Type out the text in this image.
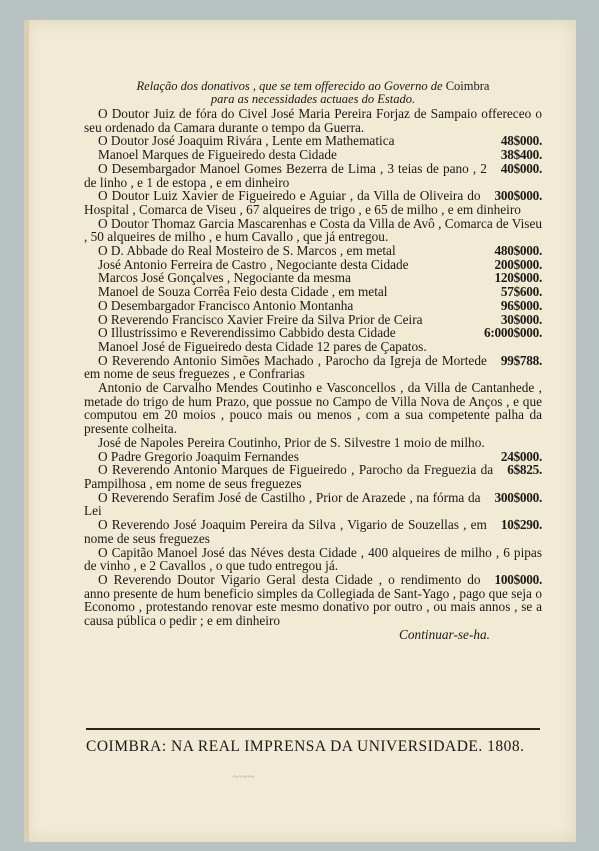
Relação dos donativos , que se tem offerecido ao Governo de Coimbra
para as necessidades actuaes do Estado.

O Doutor Juiz de fóra do Civel José Maria Pereira Forjaz de Sampaio offereceo o seu ordenado da Camara durante o tempo da Guerra.

48$000.
O Doutor José Joaquim Rivára , Lente em Mathematica

38$400.
Manoel Marques de Figueiredo desta Cidade

40$000.
O Desembargador Manoel Gomes Bezerra de Lima , 3 teias de pano , 2 de linho , e 1 de estopa , e em dinheiro

300$000.
O Doutor Luiz Xavier de Figueiredo e Aguiar , da Villa de Oliveira do Hospital , Comarca de Viseu , 67 alqueires de trigo , e 65 de milho , e em dinheiro

O Doutor Thomaz Garcia Mascarenhas e Costa da Villa de Avô , Comarca de Viseu , 50 alqueires de milho , e hum Cavallo , que já entregou.

480$000.
O D. Abbade do Real Mosteiro de S. Marcos , em metal

200$000.
José Antonio Ferreira de Castro , Negociante desta Cidade

120$000.
Marcos José Gonçalves , Negociante da mesma

57$600.
Manoel de Souza Corrêa Feio desta Cidade , em metal

96$000.
O Desembargador Francisco Antonio Montanha

30$000.
O Reverendo Francisco Xavier Freire da Silva Prior de Ceira

6:000$000.
O Illustrissimo e Reverendissimo Cabbido desta Cidade

Manoel José de Figueiredo desta Cidade 12 pares de Çapatos.

99$788.
O Reverendo Antonio Simões Machado , Parocho da Igreja de Mortede em nome de seus freguezes , e Confrarias

Antonio de Carvalho Mendes Coutinho e Vasconcellos , da Villa de Cantanhede , metade do trigo de hum Prazo, que possue no Campo de Villa Nova de Anços , e que computou em 20 moios , pouco mais ou menos , com a sua competente palha da presente colheita.

José de Napoles Pereira Coutinho, Prior de S. Silvestre 1 moio de milho.

24$000.
O Padre Gregorio Joaquim Fernandes

6$825.
O Reverendo Antonio Marques de Figueiredo , Parocho da Freguezia da Pampilhosa , em nome de seus freguezes

300$000.
O Reverendo Serafim José de Castilho , Prior de Arazede , na fórma da Lei

10$290.
O Reverendo José Joaquim Pereira da Silva , Vigario de Souzellas , em nome de seus freguezes

O Capitão Manoel José das Néves desta Cidade , 400 alqueires de milho , 6 pipas de vinho , e 2 Cavallos , o que tudo entregou já.

100$000.
O Reverendo Doutor Vigario Geral desta Cidade , o rendimento do anno presente de hum beneficio simples da Collegiada de Sant-Yago , pago que seja o Economo , protestando renovar este mesmo donativo por outro , ou mais annos , se a causa pública o pedir ; e em dinheiro

Continuar-se-ha.
COIMBRA: NA REAL IMPRENSA DA UNIVERSIDADE. 1808.
~~~
